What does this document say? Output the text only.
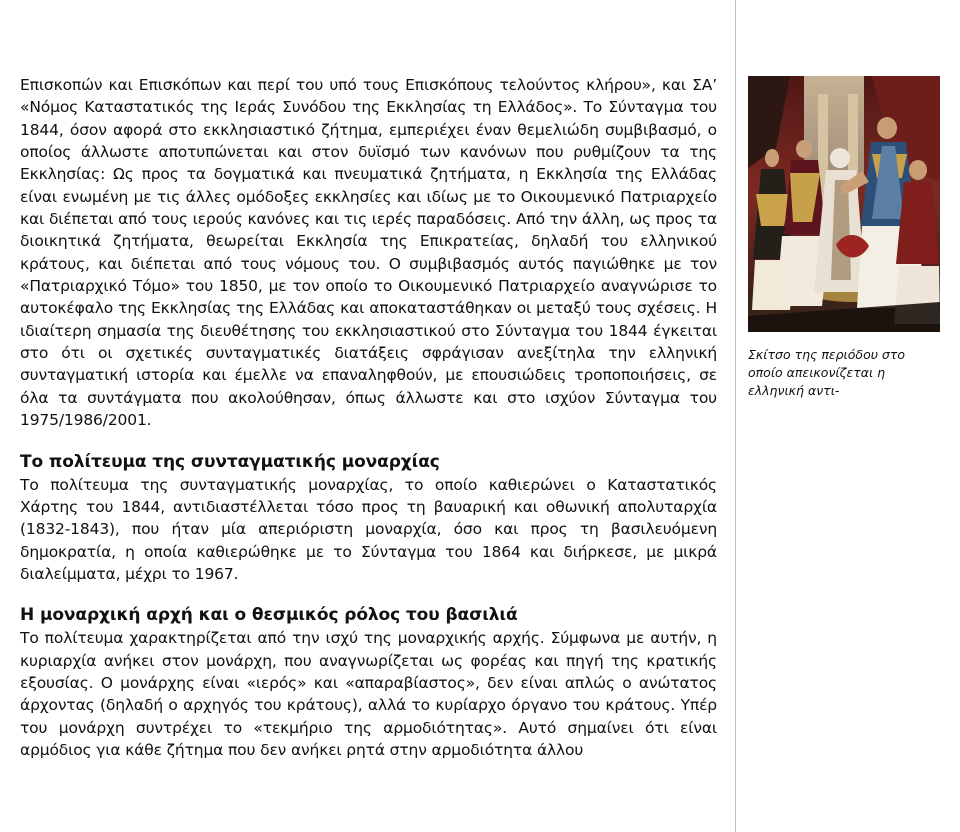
Επισκοπών και Επισκόπων και περί του υπό τους Επισκόπους τελούντος κλήρου», και ΣΑ’ «Νόμος Καταστατικός της Ιεράς Συνόδου της Εκκλησίας τη Ελλάδος». Το Σύνταγμα του 1844, όσον αφορά στο εκκλησιαστικό ζήτημα, εμπεριέχει έναν θεμελιώδη συμβιβασμό, ο οποίος άλλωστε αποτυπώνεται και στον δυϊσμό των κανόνων που ρυθμίζουν τα της Εκκλησίας: Ως προς τα δογματικά και πνευματικά ζητήματα, η Εκκλησία της Ελλάδας είναι ενωμένη με τις άλλες ομόδοξες εκκλησίες και ιδίως με το Οικουμενικό Πατριαρχείο και διέπεται από τους ιερούς κανόνες και τις ιερές παραδόσεις. Από την άλλη, ως προς τα διοικητικά ζητήματα, θεωρείται Εκκλησία της Επικρατείας, δηλαδή του ελληνικού κράτους, και διέπεται από τους νόμους του. Ο συμβιβασμός αυτός παγιώθηκε με τον «Πατριαρχικό Τόμο» του 1850, με τον οποίο το Οικουμενικό Πατριαρχείο αναγνώρισε το αυτοκέφαλο της Εκκλησίας της Ελλάδας και αποκαταστάθηκαν οι μεταξύ τους σχέσεις. Η ιδιαίτερη σημασία της διευθέτησης του εκκλησιαστικού στο Σύνταγμα του 1844 έγκειται στο ότι οι σχετικές συνταγματικές διατάξεις σφράγισαν ανεξίτηλα την ελληνική συνταγματική ιστορία και έμελλε να επαναληφθούν, με επουσιώδεις τροποποιήσεις, σε όλα τα συντάγματα που ακολούθησαν, όπως άλλωστε και στο ισχύον Σύνταγμα του 1975/1986/2001.

Το πολίτευμα της συνταγματικής μοναρχίας

Το πολίτευμα της συνταγματικής μοναρχίας, το οποίο καθιερώνει ο Καταστατικός Χάρτης του 1844, αντιδιαστέλλεται τόσο προς τη βαυαρική και οθωνική απολυταρχία (1832-1843), που ήταν μία απεριόριστη μοναρχία, όσο και προς τη βασιλευόμενη δημοκρατία, η οποία καθιερώθηκε με το Σύνταγμα του 1864 και διήρκεσε, με μικρά διαλείμματα, μέχρι το 1967.

Η μοναρχική αρχή και ο θεσμικός ρόλος του βασιλιά

Το πολίτευμα χαρακτηρίζεται από την ισχύ της μοναρχικής αρχής. Σύμφωνα με αυτήν, η κυριαρχία ανήκει στον μονάρχη, που αναγνωρίζεται ως φορέας και πηγή της κρατικής εξουσίας. Ο μονάρχης είναι «ιερός» και «απαραβίαστος», δεν είναι απλώς ο ανώτατος άρχοντας (δηλαδή ο αρχηγός του κράτους), αλλά το κυρίαρχο όργανο του κράτους. Υπέρ του μονάρχη συντρέχει το «τεκμήριο της αρμοδιότητας». Αυτό σημαίνει ότι είναι αρμόδιος για κάθε ζήτημα που δεν ανήκει ρητά στην αρμοδιότητα άλλου

Σκίτσο της περιόδου στο οποίο απεικονίζεται η ελληνική αντι-
